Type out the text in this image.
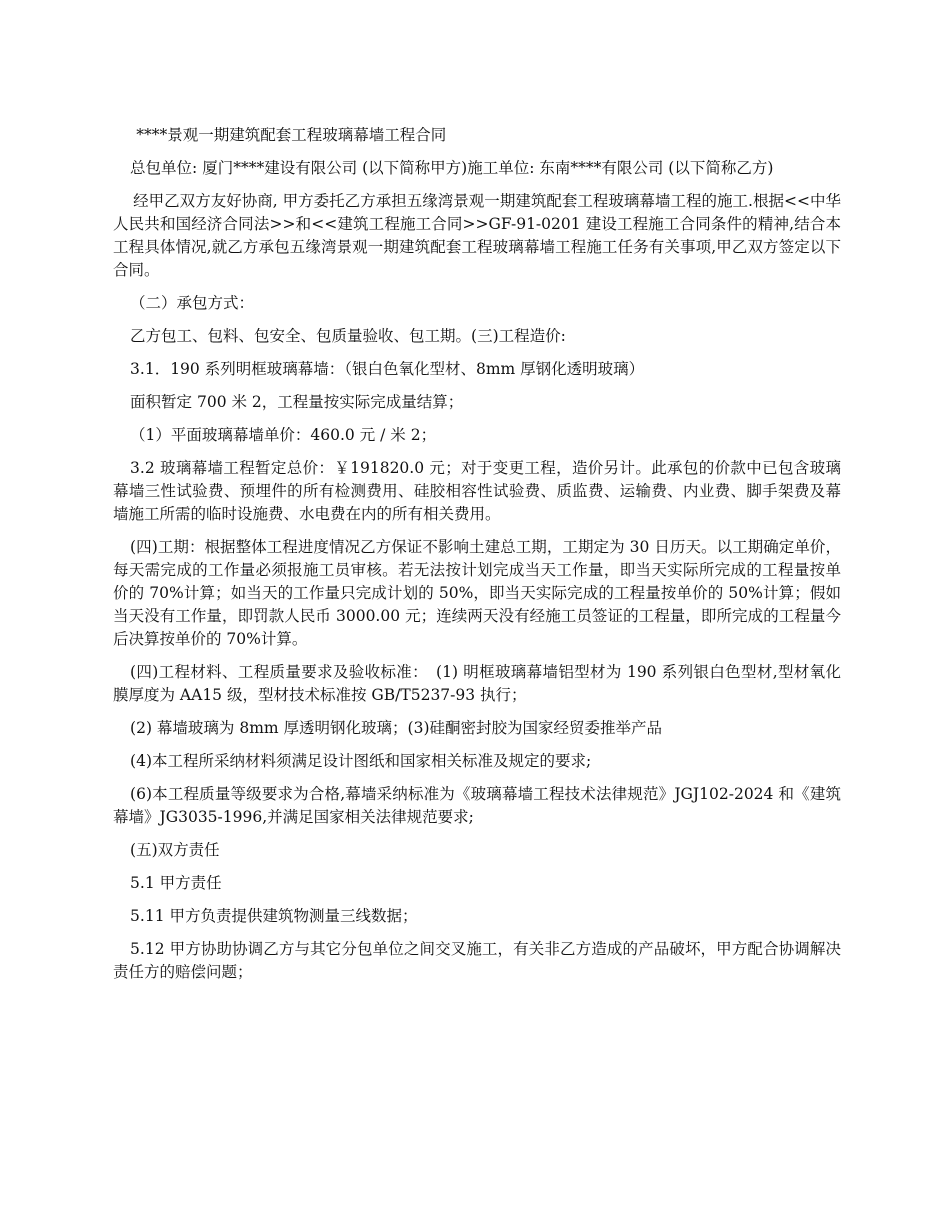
****景观一期建筑配套工程玻璃幕墙工程合同

总包单位: 厦门****建设有限公司 (以下简称甲方)施工单位: 东南****有限公司 (以下简称乙方)

经甲乙双方友好协商, 甲方委托乙方承担五缘湾景观一期建筑配套工程玻璃幕墙工程的施工.根据<<中华人民共和国经济合同法>>和<<建筑工程施工合同>>GF-91-0201 建设工程施工合同条件的精神,结合本工程具体情况,就乙方承包五缘湾景观一期建筑配套工程玻璃幕墙工程施工任务有关事项,甲乙双方签定以下合同。

（二）承包方式：

乙方包工、包料、包安全、包质量验收、包工期。(三)工程造价:

3.1．190 系列明框玻璃幕墙：（银白色氧化型材、8mm 厚钢化透明玻璃）

面积暂定 700 米 2，工程量按实际完成量结算；

（1）平面玻璃幕墙单价：460.0 元 / 米 2；

3.2 玻璃幕墙工程暂定总价：￥191820.0 元；对于变更工程，造价另计。此承包的价款中已包含玻璃幕墙三性试验费、预埋件的所有检测费用、硅胶相容性试验费、质监费、运输费、内业费、脚手架费及幕墙施工所需的临时设施费、水电费在内的所有相关费用。

(四)工期：根据整体工程进度情况乙方保证不影响土建总工期，工期定为 30 日历天。以工期确定单价，每天需完成的工作量必须报施工员审核。若无法按计划完成当天工作量，即当天实际所完成的工程量按单价的 70%计算；如当天的工作量只完成计划的 50%，即当天实际完成的工程量按单价的 50%计算；假如当天没有工作量，即罚款人民币 3000.00 元；连续两天没有经施工员签证的工程量，即所完成的工程量今后决算按单价的 70%计算。

(四)工程材料、工程质量要求及验收标准：　(1) 明框玻璃幕墙铝型材为 190 系列银白色型材,型材氧化膜厚度为 AA15 级，型材技术标准按 GB/T5237-93 执行；

(2) 幕墙玻璃为 8mm 厚透明钢化玻璃；(3)硅酮密封胶为国家经贸委推举产品

(4)本工程所采纳材料须满足设计图纸和国家相关标准及规定的要求;

(6)本工程质量等级要求为合格,幕墙采纳标准为《玻璃幕墙工程技术法律规范》JGJ102-2024 和《建筑幕墙》JG3035-1996,并满足国家相关法律规范要求;

(五)双方责任

5.1 甲方责任

5.11 甲方负责提供建筑物测量三线数据；

5.12 甲方协助协调乙方与其它分包单位之间交叉施工，有关非乙方造成的产品破坏，甲方配合协调解决责任方的赔偿问题；
